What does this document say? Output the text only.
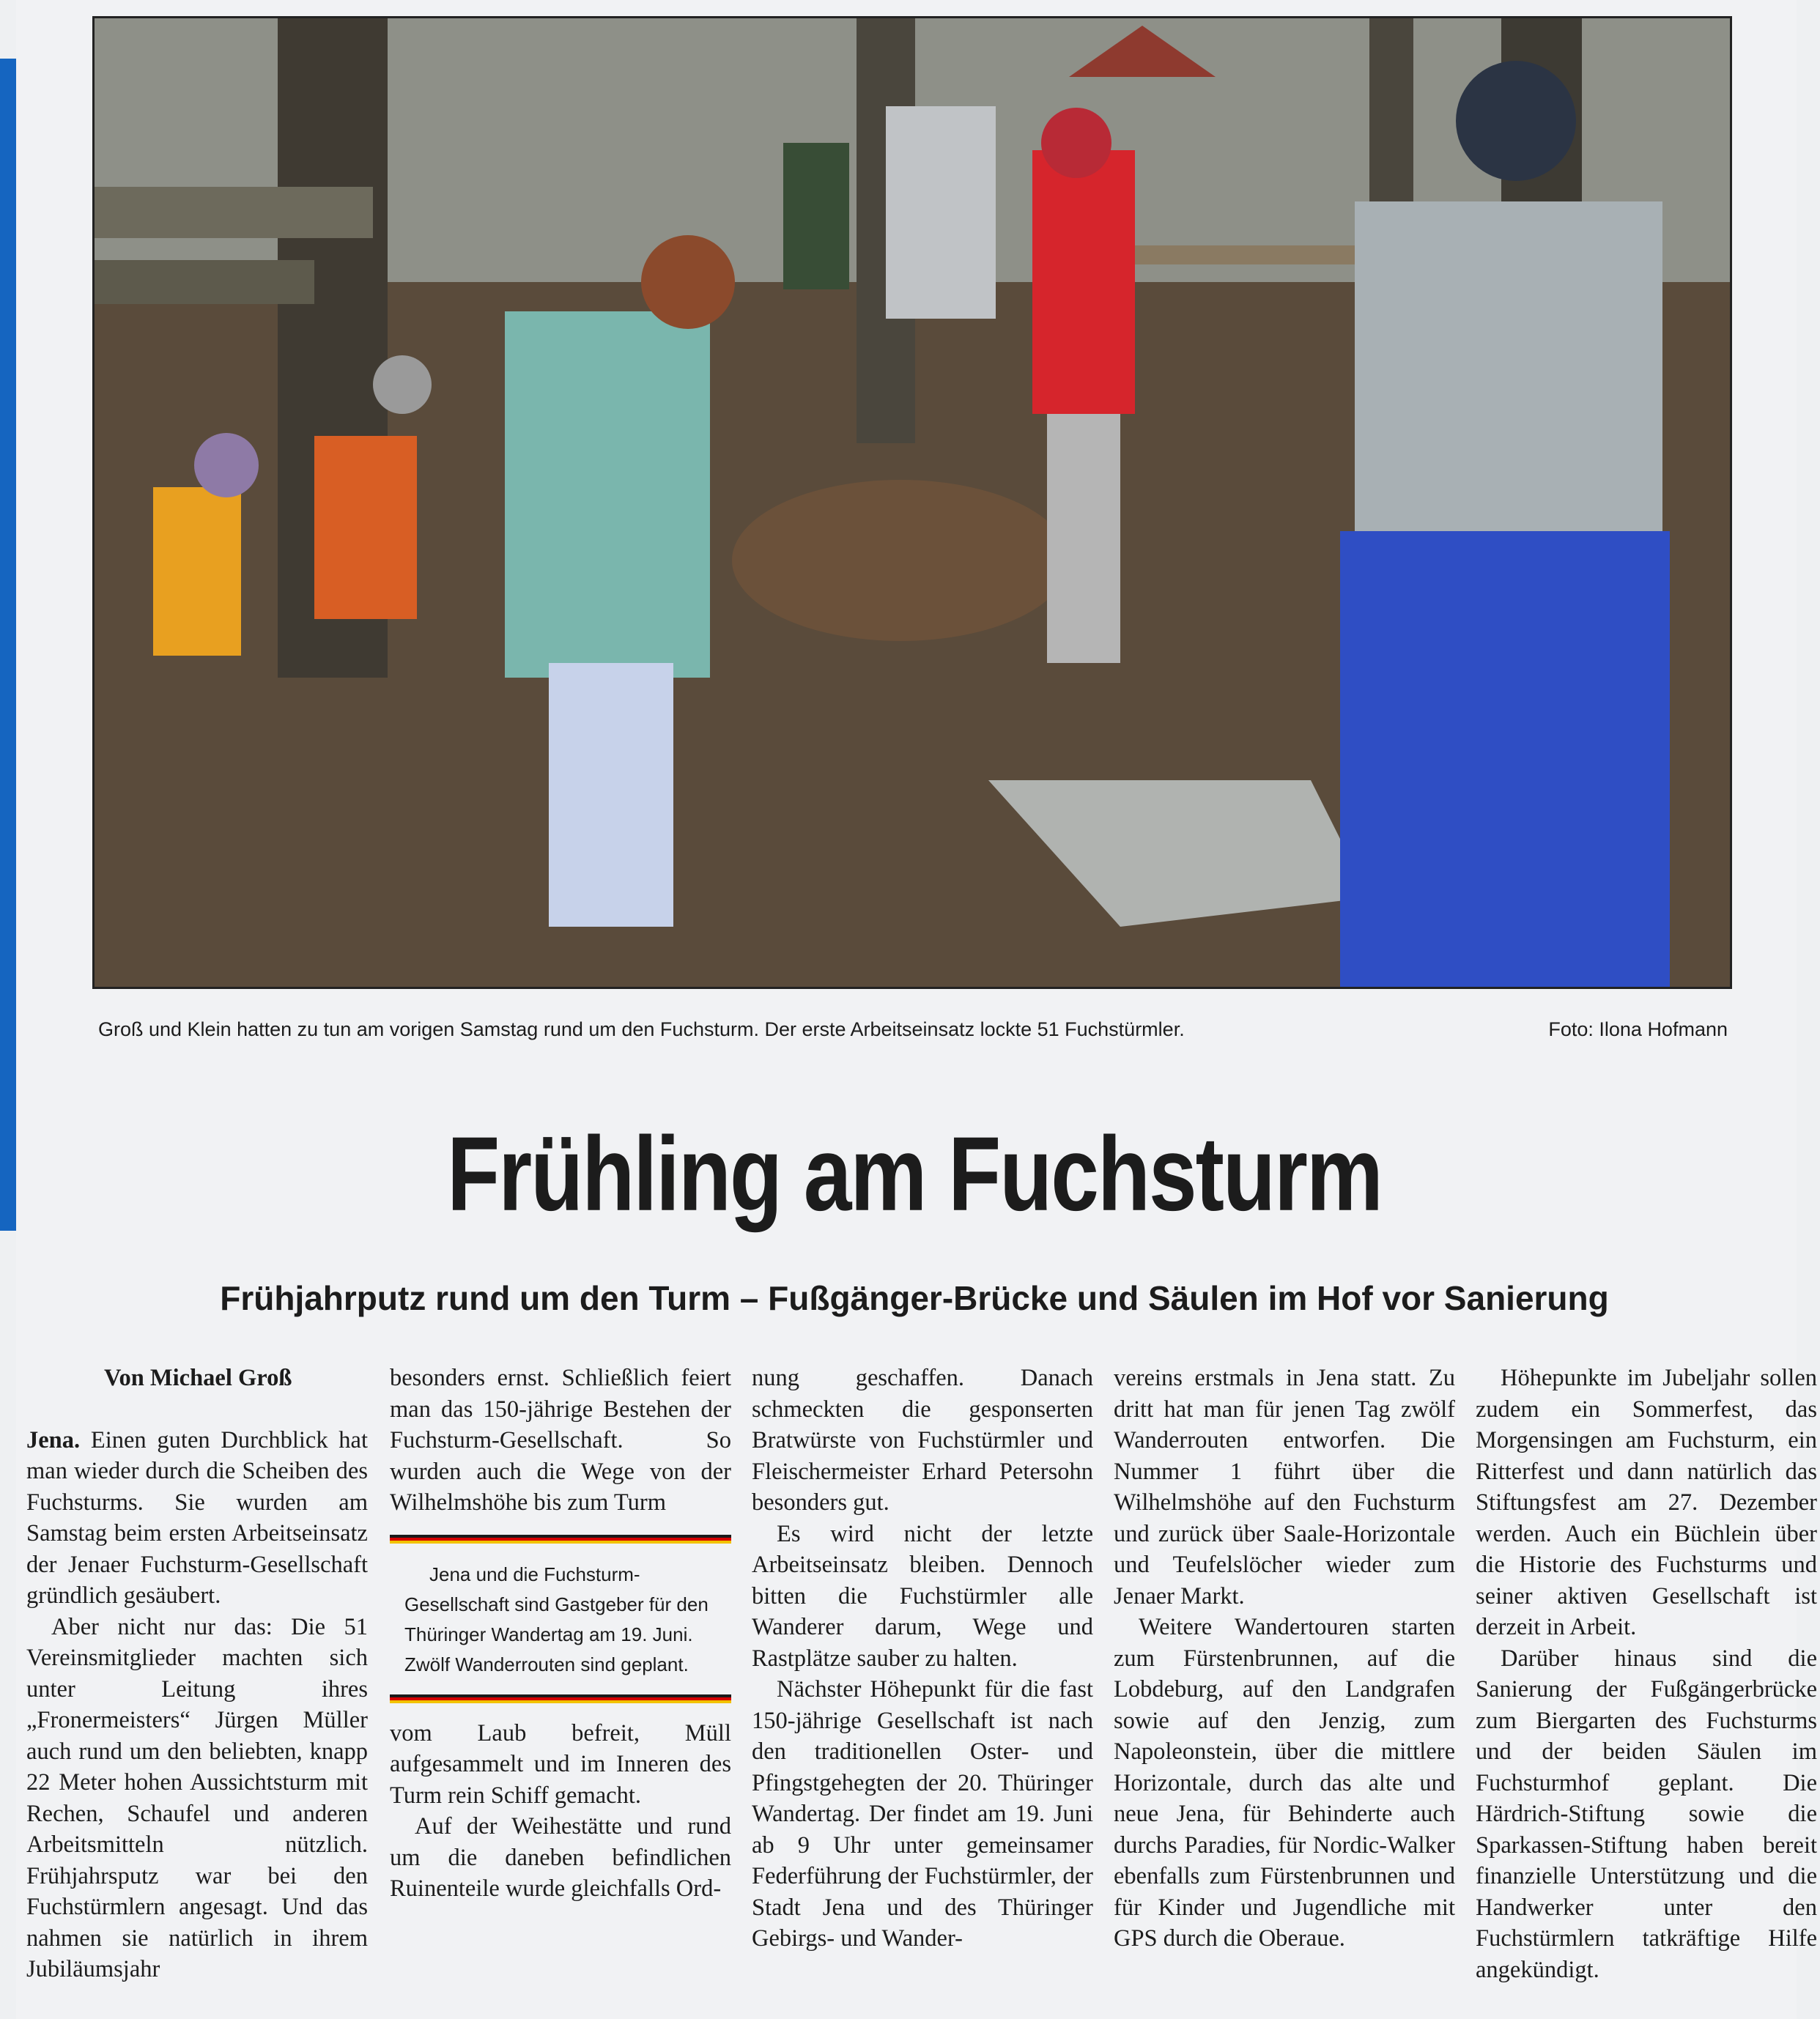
Groß und Klein hatten zu tun am vorigen Samstag rund um den Fuchsturm. Der erste Arbeitseinsatz lockte 51 Fuchstürmler.	Foto: Ilona Hofmann
Frühling am Fuchsturm
Frühjahrputz rund um den Turm – Fußgänger-Brücke und Säulen im Hof vor Sanierung
Von Michael Groß

Jena. Einen guten Durchblick hat man wieder durch die Scheiben des Fuchsturms. Sie wurden am Samstag beim ersten Arbeitseinsatz der Jenaer Fuchsturm-Gesellschaft gründlich gesäubert.

Aber nicht nur das: Die 51 Vereinsmitglieder machten sich unter Leitung ihres „Fronermeisters“ Jürgen Müller auch rund um den beliebten, knapp 22 Meter hohen Aussichtsturm mit Rechen, Schaufel und anderen Arbeitsmitteln nützlich. Frühjahrsputz war bei den Fuchstürmlern angesagt. Und das nahmen sie natürlich in ihrem Jubiläumsjahr

besonders ernst. Schließlich feiert man das 150-jährige Bestehen der Fuchsturm-Gesellschaft. So wurden auch die Wege von der Wilhelmshöhe bis zum Turm

Jena und die Fuchsturm-Gesellschaft sind Gastgeber für den Thüringer Wandertag am 19. Juni. Zwölf Wanderrouten sind geplant.

vom Laub befreit, Müll aufgesammelt und im Inneren des Turm rein Schiff gemacht.

Auf der Weihestätte und rund um die daneben befindlichen Ruinenteile wurde gleichfalls Ord-

nung geschaffen. Danach schmeckten die gesponserten Bratwürste von Fuchstürmler und Fleischermeister Erhard Petersohn besonders gut.

Es wird nicht der letzte Arbeitseinsatz bleiben. Dennoch bitten die Fuchstürmler alle Wanderer darum, Wege und Rastplätze sauber zu halten.

Nächster Höhepunkt für die fast 150-jährige Gesellschaft ist nach den traditionellen Oster- und Pfingstgehegten der 20. Thüringer Wandertag. Der findet am 19. Juni ab 9 Uhr unter gemeinsamer Federführung der Fuchstürmler, der Stadt Jena und des Thüringer Gebirgs- und Wander-

vereins erstmals in Jena statt. Zu dritt hat man für jenen Tag zwölf Wanderrouten entworfen. Die Nummer 1 führt über die Wilhelmshöhe auf den Fuchsturm und zurück über Saale-Horizontale und Teufelslöcher wieder zum Jenaer Markt.

Weitere Wandertouren starten zum Fürstenbrunnen, auf die Lobdeburg, auf den Landgrafen sowie auf den Jenzig, zum Napoleonstein, über die mittlere Horizontale, durch das alte und neue Jena, für Behinderte auch durchs Paradies, für Nordic-Walker ebenfalls zum Fürstenbrunnen und für Kinder und Jugendliche mit GPS durch die Oberaue.

Höhepunkte im Jubeljahr sollen zudem ein Sommerfest, das Morgensingen am Fuchsturm, ein Ritterfest und dann natürlich das Stiftungsfest am 27. Dezember werden. Auch ein Büchlein über die Historie des Fuchsturms und seiner aktiven Gesellschaft ist derzeit in Arbeit.

Darüber hinaus sind die Sanierung der Fußgängerbrücke zum Biergarten des Fuchsturms und der beiden Säulen im Fuchsturmhof geplant. Die Härdrich-Stiftung sowie die Sparkassen-Stiftung haben bereit finanzielle Unterstützung und die Handwerker unter den Fuchstürmlern tatkräftige Hilfe angekündigt.
